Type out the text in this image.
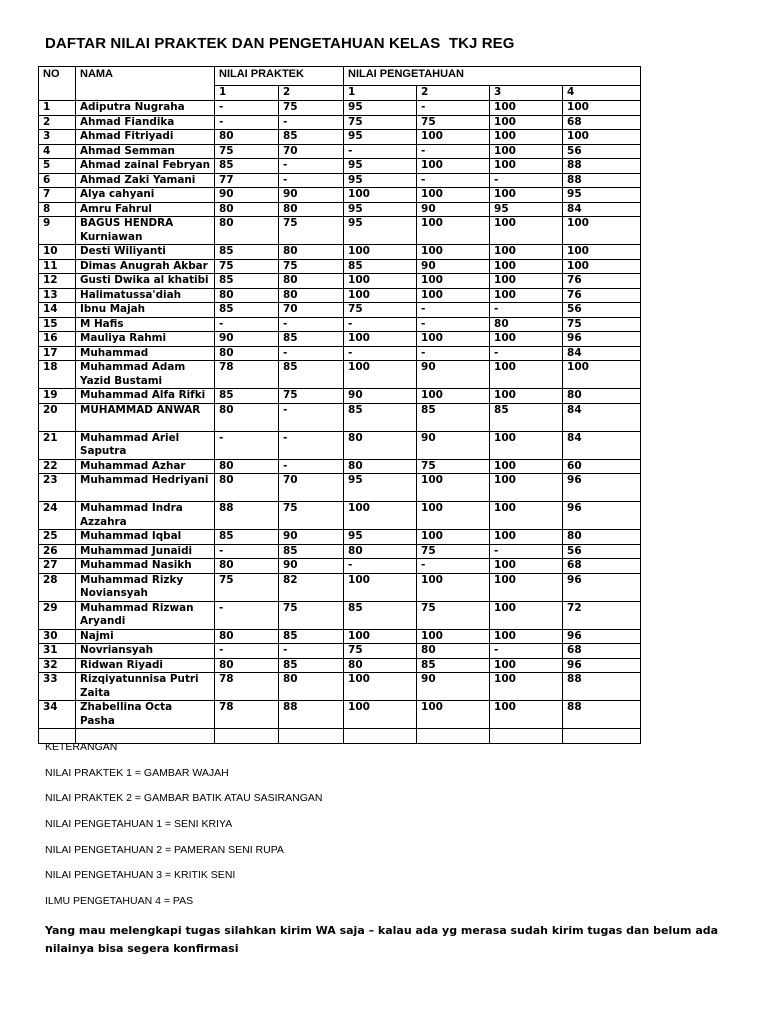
DAFTAR NILAI PRAKTEK DAN PENGETAHUAN KELAS  TKJ REG
NO	NAMA	NILAI PRAKTEK		NILAI PENGETAHUAN			
		1	2	1	2	3	4
1	Adiputra Nugraha	-	75	95	-	100	100
2	Ahmad Fiandika	-	-	75	75	100	68
3	Ahmad Fitriyadi	80	85	95	100	100	100
4	Ahmad Semman	75	70	-	-	100	56
5	Ahmad zainal Febryan	85	-	95	100	100	88
6	Ahmad Zaki Yamani	77	-	95	-	-	88
7	Alya cahyani	90	90	100	100	100	95
8	Amru Fahrul	80	80	95	90	95	84
9	BAGUS HENDRA Kurniawan	80	75	95	100	100	100
10	Desti Wiliyanti	85	80	100	100	100	100
11	Dimas Anugrah Akbar	75	75	85	90	100	100
12	Gusti Dwika al khatibi	85	80	100	100	100	76
13	Halimatussa'diah	80	80	100	100	100	76
14	Ibnu Majah	85	70	75	-	-	56
15	M Hafis	-	-	-	-	80	75
16	Mauliya Rahmi	90	85	100	100	100	96
17	Muhammad	80	-	-	-	-	84
18	Muhammad Adam Yazid Bustami	78	85	100	90	100	100
19	Muhammad Alfa Rifki	85	75	90	100	100	80
20	MUHAMMAD ANWAR	80	-	85	85	85	84
21	Muhammad Ariel Saputra	-	-	80	90	100	84
22	Muhammad Azhar	80	-	80	75	100	60
23	Muhammad Hedriyani	80	70	95	100	100	96
24	Muhammad Indra Azzahra	88	75	100	100	100	96
25	Muhammad Iqbal	85	90	95	100	100	80
26	Muhammad Junaidi	-	85	80	75	-	56
27	Muhammad Nasikh	80	90	-	-	100	68
28	Muhammad Rizky Noviansyah	75	82	100	100	100	96
29	Muhammad Rizwan Aryandi	-	75	85	75	100	72
30	Najmi	80	85	100	100	100	96
31	Novriansyah	-	-	75	80	-	68
32	Ridwan Riyadi	80	85	80	85	100	96
33	Rizqiyatunnisa Putri Zaita	78	80	100	90	100	88
34	Zhabellina Octa Pasha	78	88	100	100	100	88

KETERANGAN
NILAI PRAKTEK 1 = GAMBAR WAJAH
NILAI PRAKTEK 2 = GAMBAR BATIK ATAU SASIRANGAN
NILAI PENGETAHUAN 1 = SENI KRIYA
NILAI PENGETAHUAN 2 = PAMERAN SENI RUPA
NILAI PENGETAHUAN 3 = KRITIK SENI
ILMU PENGETAHUAN 4 = PAS
Yang mau melengkapi tugas silahkan kirim WA saja – kalau ada yg merasa sudah kirim tugas dan belum ada nilainya bisa segera konfirmasi
